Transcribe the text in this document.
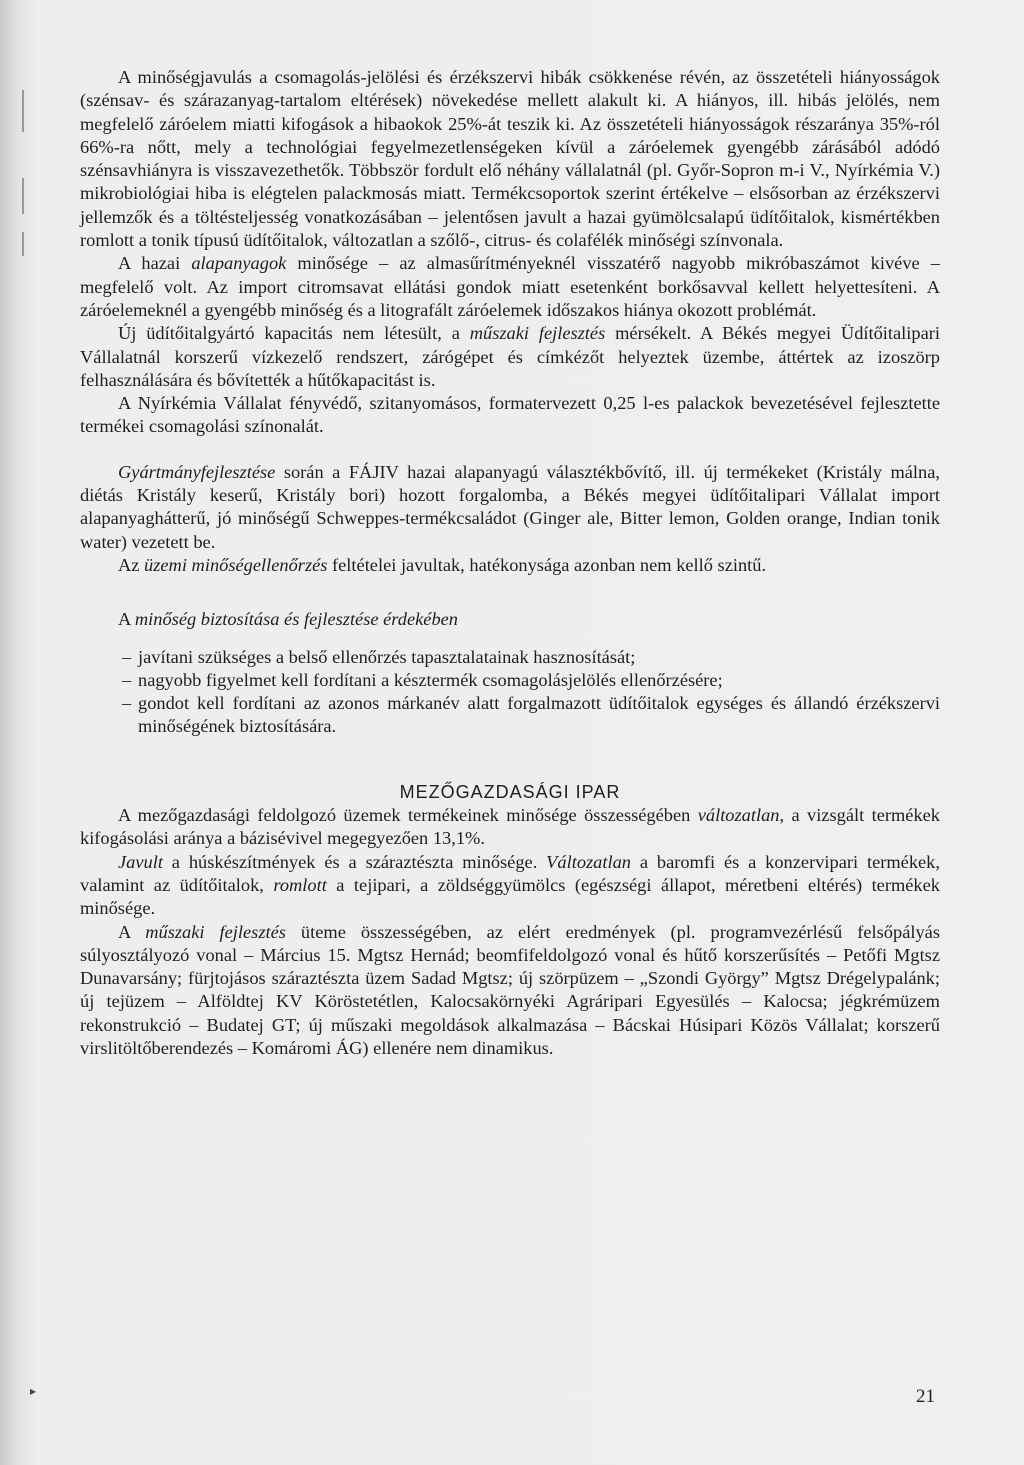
A minőségjavulás a csomagolás-jelölési és érzékszervi hibák csökkenése révén, az összetételi hiányosságok (szénsav- és szárazanyag-tartalom eltérések) növekedése mellett alakult ki. A hiányos, ill. hibás jelölés, nem megfelelő záróelem miatti kifogások a hibaokok 25%-át teszik ki. Az összetételi hiányosságok részaránya 35%-ról 66%-ra nőtt, mely a technológiai fegyelmezetlenségeken kívül a záróelemek gyengébb zárásából adódó szénsavhiányra is visszavezethetők. Többször fordult elő néhány vállalatnál (pl. Győr-Sopron m-i V., Nyírkémia V.) mikrobiológiai hiba is elégtelen palackmosás miatt. Termékcsoportok szerint értékelve – elsősorban az érzékszervi jellemzők és a töltésteljesség vonatkozásában – jelentősen javult a hazai gyümölcsalapú üdítőitalok, kismértékben romlott a tonik típusú üdítőitalok, változatlan a szőlő-, citrus- és colafélék minőségi színvonala.

A hazai alapanyagok minősége – az almasűrítményeknél visszatérő nagyobb mikróbaszámot kivéve – megfelelő volt. Az import citromsavat ellátási gondok miatt esetenként borkősavval kellett helyettesíteni. A záróelemeknél a gyengébb minőség és a litografált záróelemek időszakos hiánya okozott problémát.

Új üdítőitalgyártó kapacitás nem létesült, a műszaki fejlesztés mérsékelt. A Békés megyei Üdítőitalipari Vállalatnál korszerű vízkezelő rendszert, zárógépet és címkézőt helyeztek üzembe, áttértek az izoszörp felhasználására és bővítették a hűtőkapacitást is.

A Nyírkémia Vállalat fényvédő, szitanyomásos, formatervezett 0,25 l-es palackok bevezetésével fejlesztette termékei csomagolási színonalát.

Gyártmányfejlesztése során a FÁJIV hazai alapanyagú választékbővítő, ill. új termékeket (Kristály málna, diétás Kristály keserű, Kristály bori) hozott forgalomba, a Békés megyei üdítőitalipari Vállalat import alapanyaghátterű, jó minőségű Schweppes-termékcsaládot (Ginger ale, Bitter lemon, Golden orange, Indian tonik water) vezetett be.

Az üzemi minőségellenőrzés feltételei javultak, hatékonysága azonban nem kellő szintű.

A minőség biztosítása és fejlesztése érdekében

– javítani szükséges a belső ellenőrzés tapasztalatainak hasznosítását;
– nagyobb figyelmet kell fordítani a késztermék csomagolásjelölés ellenőrzésére;
– gondot kell fordítani az azonos márkanév alatt forgalmazott üdítőitalok egységes és állandó érzékszervi minőségének biztosítására.
MEZŐGAZDASÁGI IPAR

A mezőgazdasági feldolgozó üzemek termékeinek minősége összességében változatlan, a vizsgált termékek kifogásolási aránya a bázisévivel megegyezően 13,1%.

Javult a húskészítmények és a száraztészta minősége. Változatlan a baromfi és a konzervipari termékek, valamint az üdítőitalok, romlott a tejipari, a zöldséggyümölcs (egészségi állapot, méretbeni eltérés) termékek minősége.

A műszaki fejlesztés üteme összességében, az elért eredmények (pl. programvezérlésű felsőpályás súlyosztályozó vonal – Március 15. Mgtsz Hernád; beomfifeldolgozó vonal és hűtő korszerűsítés – Petőfi Mgtsz Dunavarsány; fürjtojásos száraztészta üzem Sadad Mgtsz; új szörpüzem – „Szondi György” Mgtsz Drégelypalánk; új tejüzem – Alföldtej KV Köröstetétlen, Kalocsakörnyéki Agráripari Egyesülés – Kalocsa; jégkrémüzem rekonstrukció – Budatej GT; új műszaki megoldások alkalmazása – Bácskai Húsipari Közös Vállalat; korszerű virslitöltőberendezés – Komáromi ÁG) ellenére nem dinamikus.

▸	21
